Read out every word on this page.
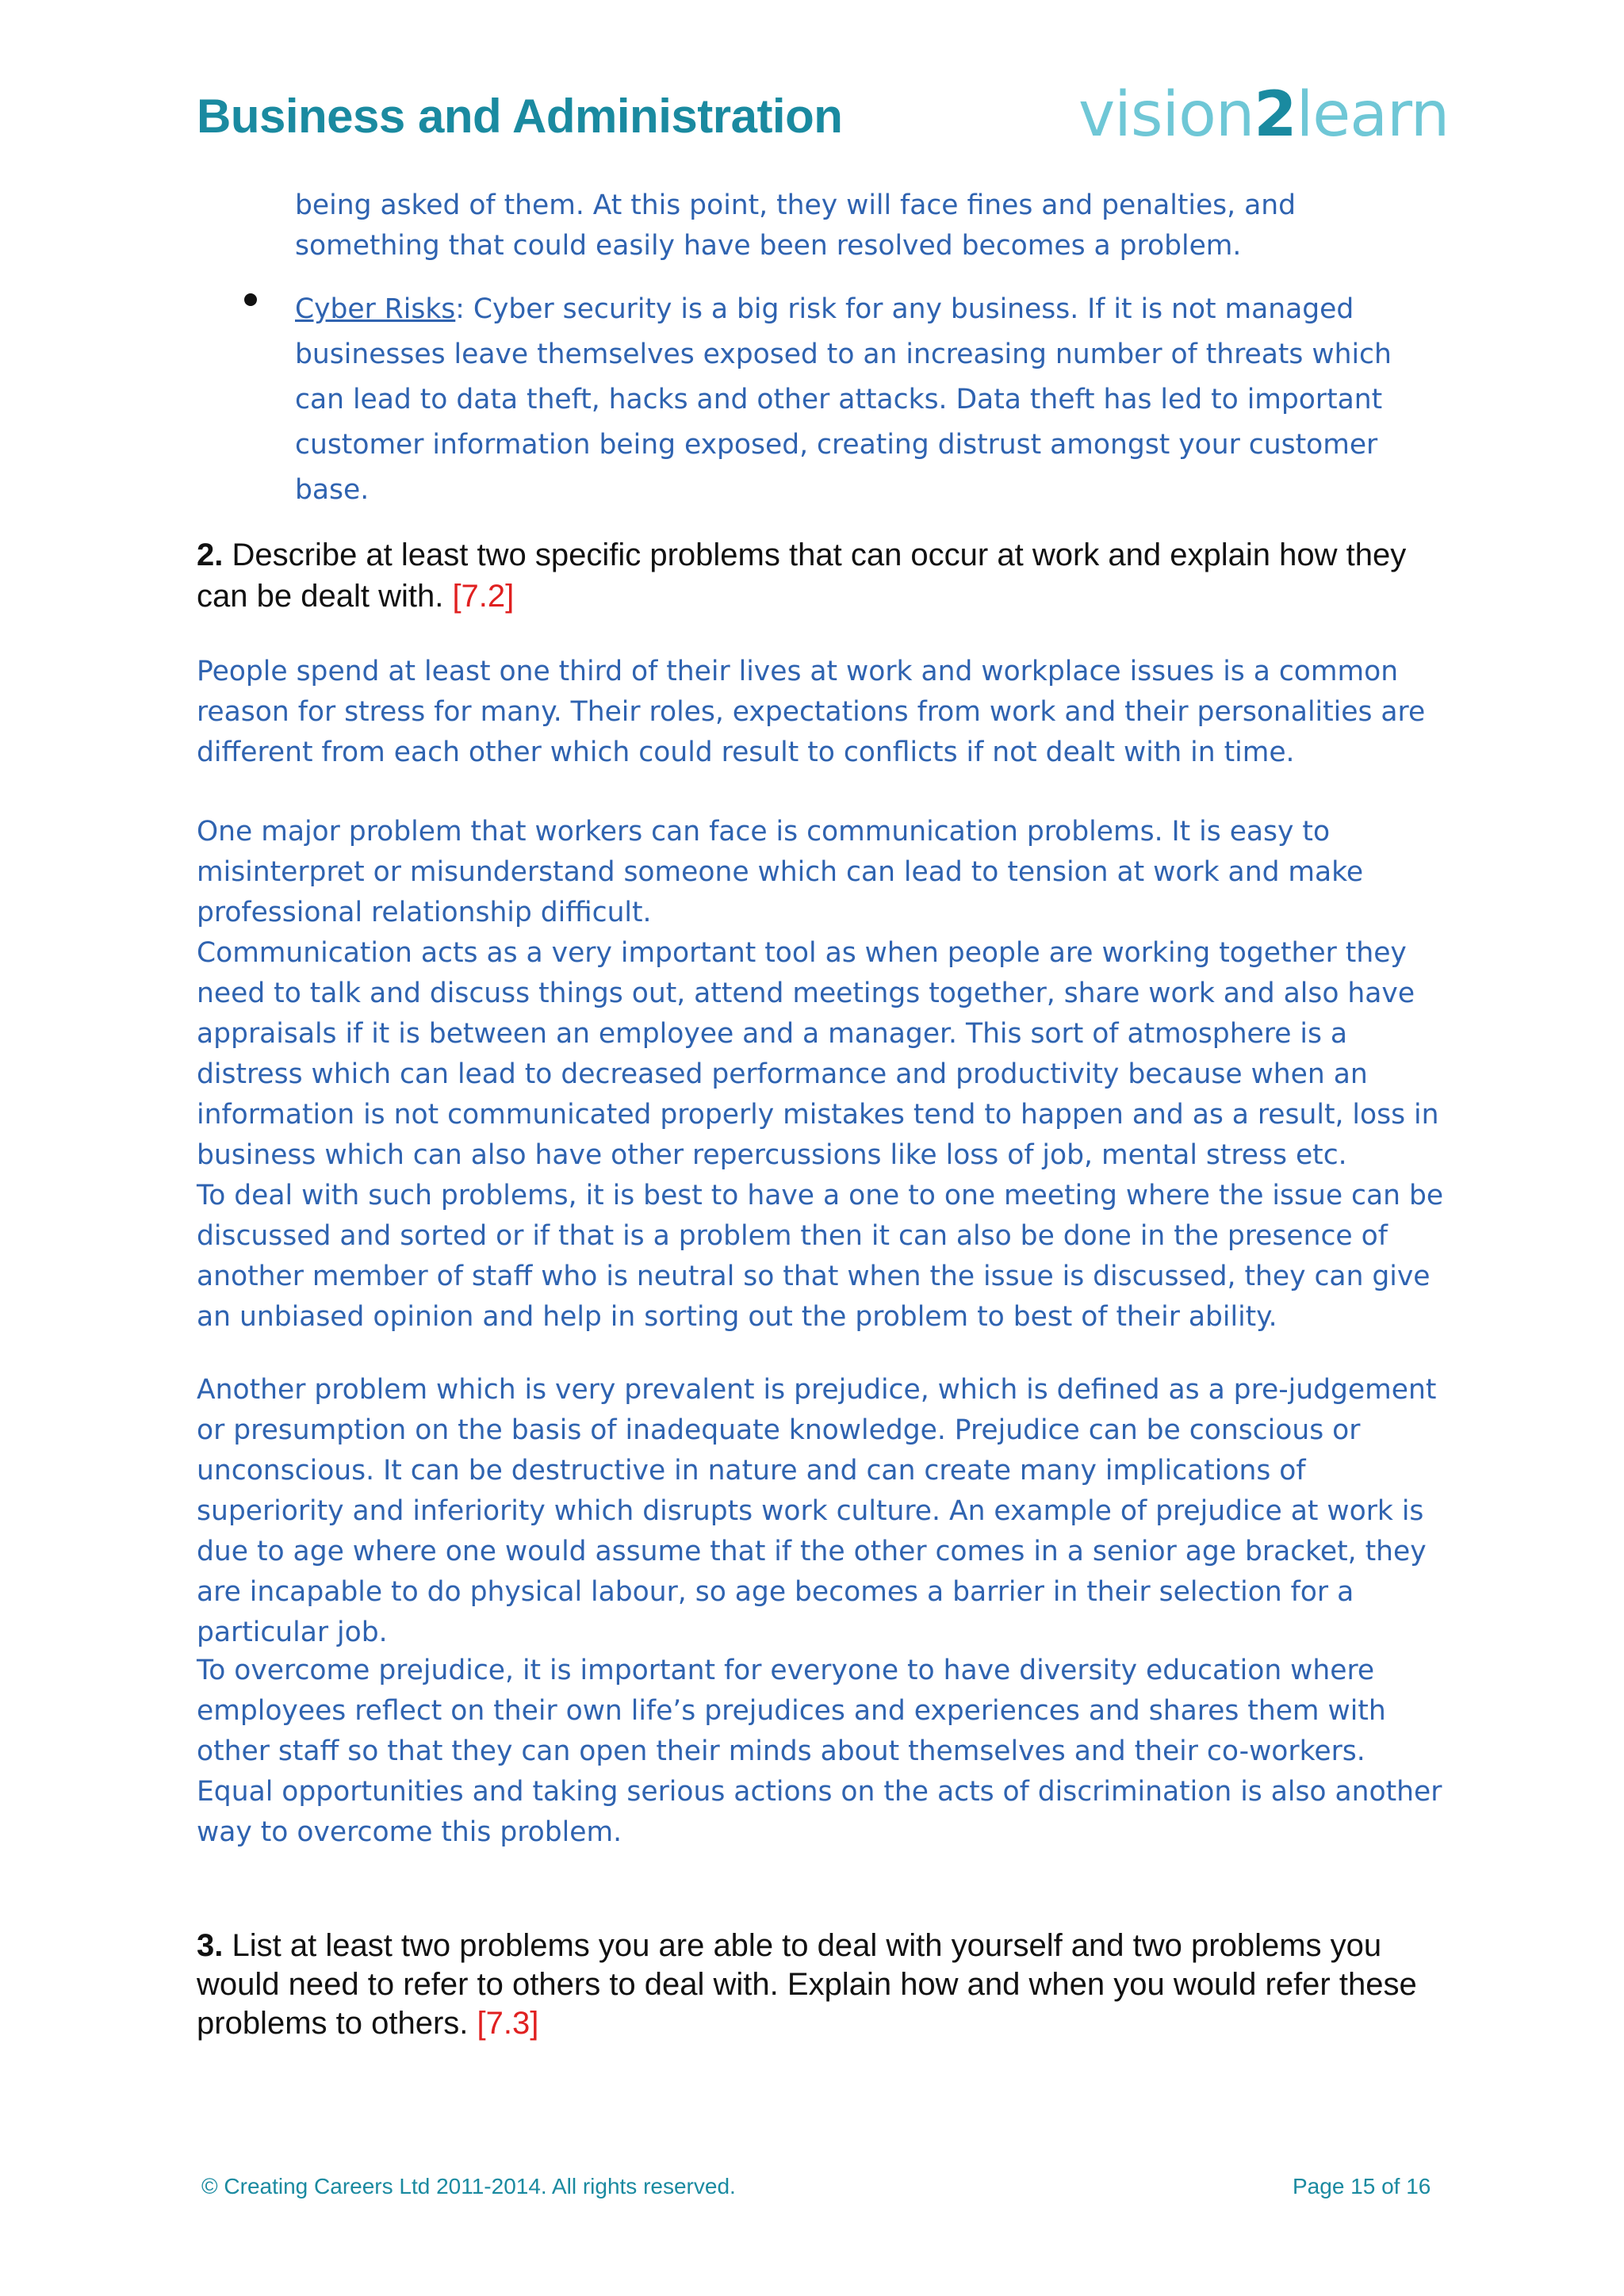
Business and Administration	vision2learn
being asked of them. At this point, they will face fines and penalties, and something that could easily have been resolved becomes a problem.
Cyber Risks: Cyber security is a big risk for any business. If it is not managed businesses leave themselves exposed to an increasing number of threats which can lead to data theft, hacks and other attacks. Data theft has led to important customer information being exposed, creating distrust amongst your customer base.
2. Describe at least two specific problems that can occur at work and explain how they can be dealt with. [7.2]
People spend at least one third of their lives at work and workplace issues is a common reason for stress for many. Their roles, expectations from work and their personalities are different from each other which could result to conflicts if not dealt with in time.
One major problem that workers can face is communication problems. It is easy to misinterpret or misunderstand someone which can lead to tension at work and make professional relationship difficult.
Communication acts as a very important tool as when people are working together they need to talk and discuss things out, attend meetings together, share work and also have appraisals if it is between an employee and a manager. This sort of atmosphere is a distress which can lead to decreased performance and productivity because when an information is not communicated properly mistakes tend to happen and as a result, loss in business which can also have other repercussions like loss of job, mental stress etc.
To deal with such problems, it is best to have a one to one meeting where the issue can be discussed and sorted or if that is a problem then it can also be done in the presence of another member of staff who is neutral so that when the issue is discussed, they can give an unbiased opinion and help in sorting out the problem to best of their ability.
Another problem which is very prevalent is prejudice, which is defined as a pre-judgement or presumption on the basis of inadequate knowledge. Prejudice can be conscious or unconscious. It can be destructive in nature and can create many implications of superiority and inferiority which disrupts work culture. An example of prejudice at work is due to age where one would assume that if the other comes in a senior age bracket, they are incapable to do physical labour, so age becomes a barrier in their selection for a particular job.
To overcome prejudice, it is important for everyone to have diversity education where employees reflect on their own life’s prejudices and experiences and shares them with other staff so that they can open their minds about themselves and their co-workers. Equal opportunities and taking serious actions on the acts of discrimination is also another way to overcome this problem.
3. List at least two problems you are able to deal with yourself and two problems you would need to refer to others to deal with. Explain how and when you would refer these problems to others. [7.3]
© Creating Careers Ltd 2011-2014. All rights reserved.	Page 15 of 16
